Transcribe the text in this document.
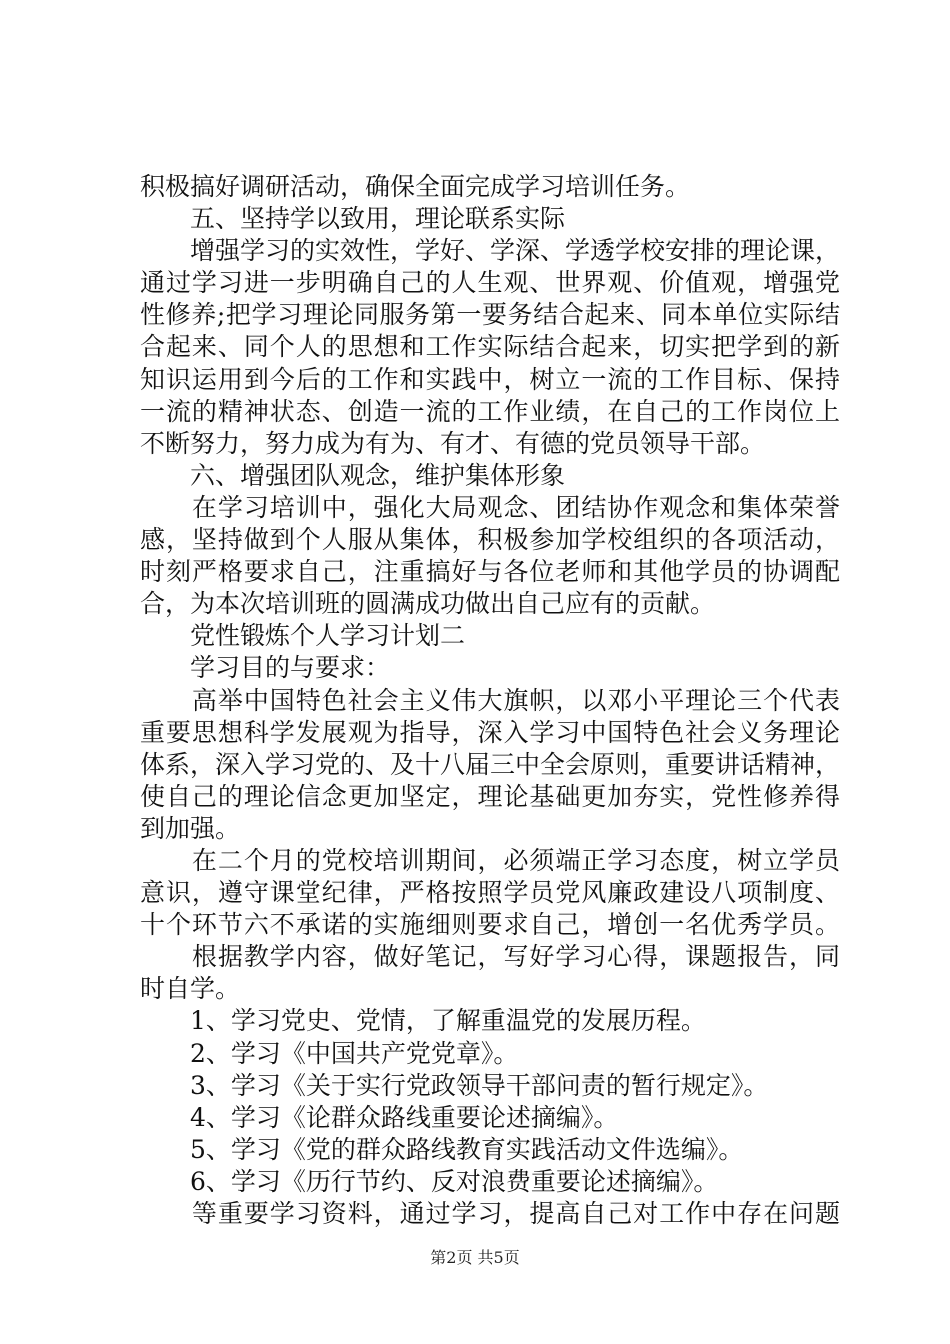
积极搞好调研活动，确保全面完成学习培训任务。
　　五、坚持学以致用，理论联系实际
　　增强学习的实效性，学好、学深、学透学校安排的理论课，
通过学习进一步明确自己的人生观、世界观、价值观，增强党
性修养;把学习理论同服务第一要务结合起来、同本单位实际结
合起来、同个人的思想和工作实际结合起来，切实把学到的新
知识运用到今后的工作和实践中，树立一流的工作目标、保持
一流的精神状态、创造一流的工作业绩，在自己的工作岗位上
不断努力，努力成为有为、有才、有德的党员领导干部。
　　六、增强团队观念，维护集体形象
　　在学习培训中，强化大局观念、团结协作观念和集体荣誉
感，坚持做到个人服从集体，积极参加学校组织的各项活动，
时刻严格要求自己，注重搞好与各位老师和其他学员的协调配
合，为本次培训班的圆满成功做出自己应有的贡献。
　　党性锻炼个人学习计划二
　　学习目的与要求：
　　高举中国特色社会主义伟大旗帜，以邓小平理论三个代表
重要思想科学发展观为指导，深入学习中国特色社会义务理论
体系，深入学习党的、及十八届三中全会原则，重要讲话精神，
使自己的理论信念更加坚定，理论基础更加夯实，党性修养得
到加强。
　　在二个月的党校培训期间，必须端正学习态度，树立学员
意识，遵守课堂纪律，严格按照学员党风廉政建设八项制度、
十个环节六不承诺的实施细则要求自己，增创一名优秀学员。
　　根据教学内容，做好笔记，写好学习心得，课题报告，同
时自学。
　　1、学习党史、党情，了解重温党的发展历程。
　　2、学习《中国共产党党章》。
　　3、学习《关于实行党政领导干部问责的暂行规定》。
　　4、学习《论群众路线重要论述摘编》。
　　5、学习《党的群众路线教育实践活动文件选编》。
　　6、学习《历行节约、反对浪费重要论述摘编》。
　　等重要学习资料，通过学习，提高自己对工作中存在问题
第2页 共5页
